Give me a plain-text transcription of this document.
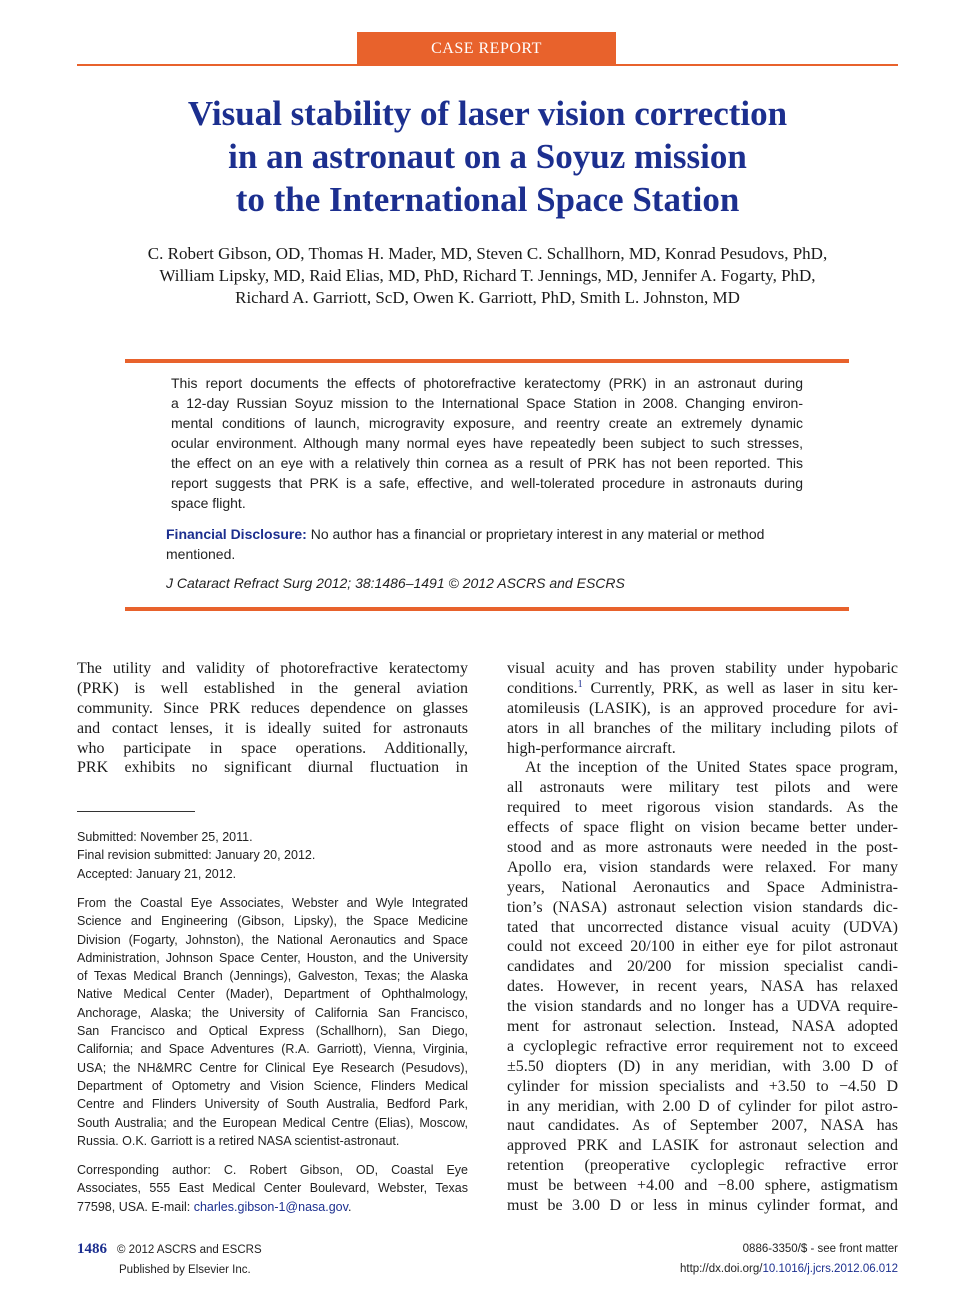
CASE REPORT
Visual stability of laser vision correction
in an astronaut on a Soyuz mission
to the International Space Station
C. Robert Gibson, OD, Thomas H. Mader, MD, Steven C. Schallhorn, MD, Konrad Pesudovs, PhD,
William Lipsky, MD, Raid Elias, MD, PhD, Richard T. Jennings, MD, Jennifer A. Fogarty, PhD,
Richard A. Garriott, ScD, Owen K. Garriott, PhD, Smith L. Johnston, MD
This report documents the effects of photorefractive keratectomy (PRK) in an astronaut during
a 12-day Russian Soyuz mission to the International Space Station in 2008. Changing environ-
mental conditions of launch, microgravity exposure, and reentry create an extremely dynamic
ocular environment. Although many normal eyes have repeatedly been subject to such stresses,
the effect on an eye with a relatively thin cornea as a result of PRK has not been reported. This
report suggests that PRK is a safe, effective, and well-tolerated procedure in astronauts during
space flight.
Financial Disclosure: No author has a financial or proprietary interest in any material or method
mentioned.
J Cataract Refract Surg 2012; 38:1486–1491 © 2012 ASCRS and ESCRS
The utility and validity of photorefractive keratectomy
(PRK) is well established in the general aviation
community. Since PRK reduces dependence on glasses
and contact lenses, it is ideally suited for astronauts
who participate in space operations. Additionally,
PRK exhibits no significant diurnal fluctuation in
Submitted: November 25, 2011.
Final revision submitted: January 20, 2012.
Accepted: January 21, 2012.
From the Coastal Eye Associates, Webster and Wyle Integrated
Science and Engineering (Gibson, Lipsky), the Space Medicine
Division (Fogarty, Johnston), the National Aeronautics and Space
Administration, Johnson Space Center, Houston, and the University
of Texas Medical Branch (Jennings), Galveston, Texas; the Alaska
Native Medical Center (Mader), Department of Ophthalmology,
Anchorage, Alaska; the University of California San Francisco,
San Francisco and Optical Express (Schallhorn), San Diego,
California; and Space Adventures (R.A. Garriott), Vienna, Virginia,
USA; the NH&MRC Centre for Clinical Eye Research (Pesudovs),
Department of Optometry and Vision Science, Flinders Medical
Centre and Flinders University of South Australia, Bedford Park,
South Australia; and the European Medical Centre (Elias), Moscow,
Russia. O.K. Garriott is a retired NASA scientist-astronaut.
Corresponding author: C. Robert Gibson, OD, Coastal Eye
Associates, 555 East Medical Center Boulevard, Webster, Texas
77598, USA. E-mail: charles.gibson-1@nasa.gov.
visual acuity and has proven stability under hypobaric
conditions.$^1$ Currently, PRK, as well as laser in situ ker-
atomileusis (LASIK), is an approved procedure for avi-
ators in all branches of the military including pilots of
high-performance aircraft.
At the inception of the United States space program,
all astronauts were military test pilots and were
required to meet rigorous vision standards. As the
effects of space flight on vision became better under-
stood and as more astronauts were needed in the post-
Apollo era, vision standards were relaxed. For many
years, National Aeronautics and Space Administra-
tion’s (NASA) astronaut selection vision standards dic-
tated that uncorrected distance visual acuity (UDVA)
could not exceed 20/100 in either eye for pilot astronaut
candidates and 20/200 for mission specialist candi-
dates. However, in recent years, NASA has relaxed
the vision standards and no longer has a UDVA require-
ment for astronaut selection. Instead, NASA adopted
a cycloplegic refractive error requirement not to exceed
±5.50 diopters (D) in any meridian, with 3.00 D of
cylinder for mission specialists and +3.50 to −4.50 D
in any meridian, with 2.00 D of cylinder for pilot astro-
naut candidates. As of September 2007, NASA has
approved PRK and LASIK for astronaut selection and
retention (preoperative cycloplegic refractive error
must be between +4.00 and −8.00 sphere, astigmatism
must be 3.00 D or less in minus cylinder format, and
1486 © 2012 ASCRS and ESCRS
Published by Elsevier Inc.
0886-3350/$ - see front matter
http://dx.doi.org/10.1016/j.jcrs.2012.06.012
